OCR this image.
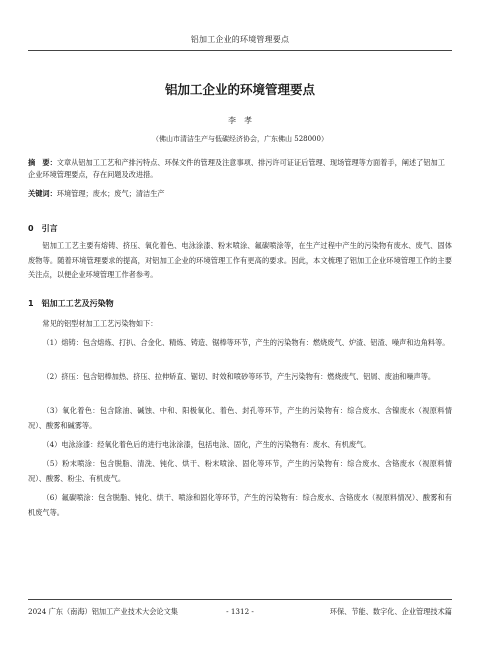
铝加工企业的环境管理要点
铝加工企业的环境管理要点
李　孝
（佛山市清洁生产与低碳经济协会，广东佛山 528000）
摘　要：文章从铝加工工艺和产排污特点、环保文件的管理及注意事项、排污许可证证后管理、现场管理等方面着手，阐述了铝加工企业环境管理要点，存在问题及改进措。
关键词：环境管理；废水；废气；清洁生产
0　引言
铝加工工艺主要有熔铸、挤压、氧化着色、电泳涂漆、粉末喷涂、氟碳喷涂等，在生产过程中产生的污染物有废水、废气、固体废物等。随着环境管理要求的提高，对铝加工企业的环境管理工作有更高的要求。因此，本文梳理了铝加工企业环境管理工作的主要关注点，以便企业环境管理工作者参考。
1　铝加工工艺及污染物
常见的铝型材加工工艺污染物如下：
（1）熔铸：包含熔炼、打扒、合金化、精炼、铸造、锯棒等环节，产生的污染物有：燃烧废气、炉渣、铝渣、噪声和边角料等。
（2）挤压：包含铝棒加热、挤压、拉伸矫直、锯切、时效和喷砂等环节，产生污染物有：燃烧废气、铝屑、废油和噪声等。
（3）氧化着色：包含除油、碱蚀、中和、阳极氧化、着色、封孔等环节，产生的污染物有：综合废水、含镍废水（视原料情况）、酸雾和碱雾等。
（4）电泳涂漆：经氧化着色后的进行电泳涂漆，包括电泳、固化，产生的污染物有：废水、有机废气。
（5）粉末喷涂：包含脱脂、清洗、钝化、烘干、粉末喷涂、固化等环节，产生的污染物有：综合废水、含铬废水（视原料情况）、酸雾、粉尘、有机废气。
（6）氟碳喷涂：包含脱脂、钝化、烘干、喷涂和固化等环节，产生的污染物有：综合废水、含铬废水（视原料情况）、酸雾和有机废气等。
2024 广东（南海）铝加工产业技术大会论文集	- 1312 -	环保、节能、数字化、企业管理技术篇
